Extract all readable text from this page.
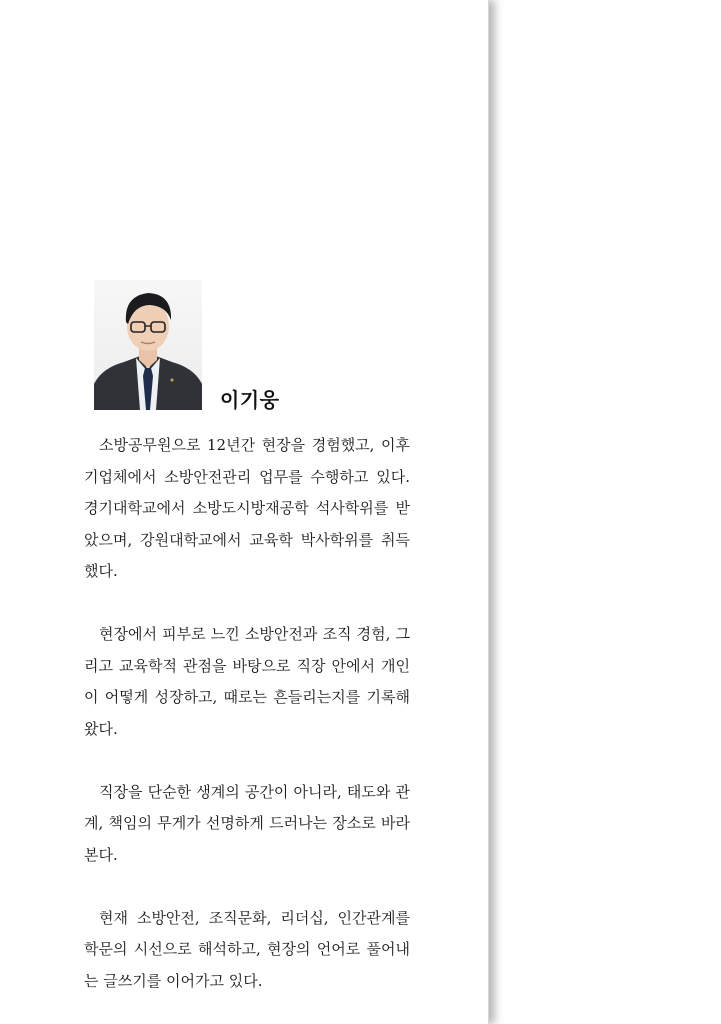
이기웅

소방공무원으로 12년간 현장을 경험했고, 이후 기업체에서 소방안전관리 업무를 수행하고 있다. 경기대학교에서 소방도시방재공학 석사학위를 받았으며, 강원대학교에서 교육학 박사학위를 취득했다.

현장에서 피부로 느낀 소방안전과 조직 경험, 그리고 교육학적 관점을 바탕으로 직장 안에서 개인이 어떻게 성장하고, 때로는 흔들리는지를 기록해 왔다.

직장을 단순한 생계의 공간이 아니라, 태도와 관계, 책임의 무게가 선명하게 드러나는 장소로 바라본다.

현재 소방안전, 조직문화, 리더십, 인간관계를 학문의 시선으로 해석하고, 현장의 언어로 풀어내는 글쓰기를 이어가고 있다.
